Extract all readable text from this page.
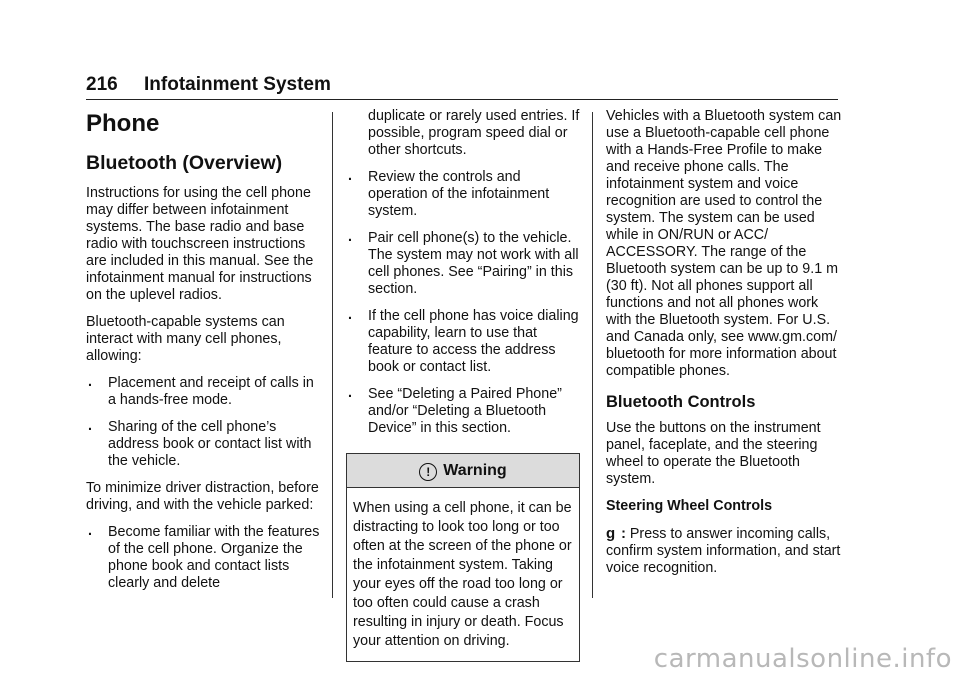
216 Infotainment System
Phone
Bluetooth (Overview)

Instructions for using the cell phone may differ between infotainment systems. The base radio and base radio with touchscreen instructions are included in this manual. See the infotainment manual for instructions on the uplevel radios.

Bluetooth-capable systems can interact with many cell phones, allowing:

. Placement and receipt of calls in a hands-free mode.
. Sharing of the cell phone’s address book or contact list with the vehicle.

To minimize driver distraction, before driving, and with the vehicle parked:

. Become familiar with the features of the cell phone. Organize the phone book and contact lists clearly and delete

duplicate or rarely used entries. If possible, program speed dial or other shortcuts.

. Review the controls and operation of the infotainment system.
. Pair cell phone(s) to the vehicle. The system may not work with all cell phones. See “Pairing” in this section.
. If the cell phone has voice dialing capability, learn to use that feature to access the address book or contact list.
. See “Deleting a Paired Phone” and/or “Deleting a Bluetooth Device” in this section.
! Warning
When using a cell phone, it can be distracting to look too long or too often at the screen of the phone or the infotainment system. Taking your eyes off the road too long or too often could cause a crash resulting in injury or death. Focus your attention on driving.

Vehicles with a Bluetooth system can use a Bluetooth-capable cell phone with a Hands-Free Profile to make and receive phone calls. The infotainment system and voice recognition are used to control the system. The system can be used while in ON/RUN or ACC/ ACCESSORY. The range of the Bluetooth system can be up to 9.1 m (30 ft). Not all phones support all functions and not all phones work with the Bluetooth system. For U.S. and Canada only, see www.gm.com/ bluetooth for more information about compatible phones.

Bluetooth Controls

Use the buttons on the instrument panel, faceplate, and the steering wheel to operate the Bluetooth system.

Steering Wheel Controls

g : Press to answer incoming calls, confirm system information, and start voice recognition.

carmanualsonline.info
